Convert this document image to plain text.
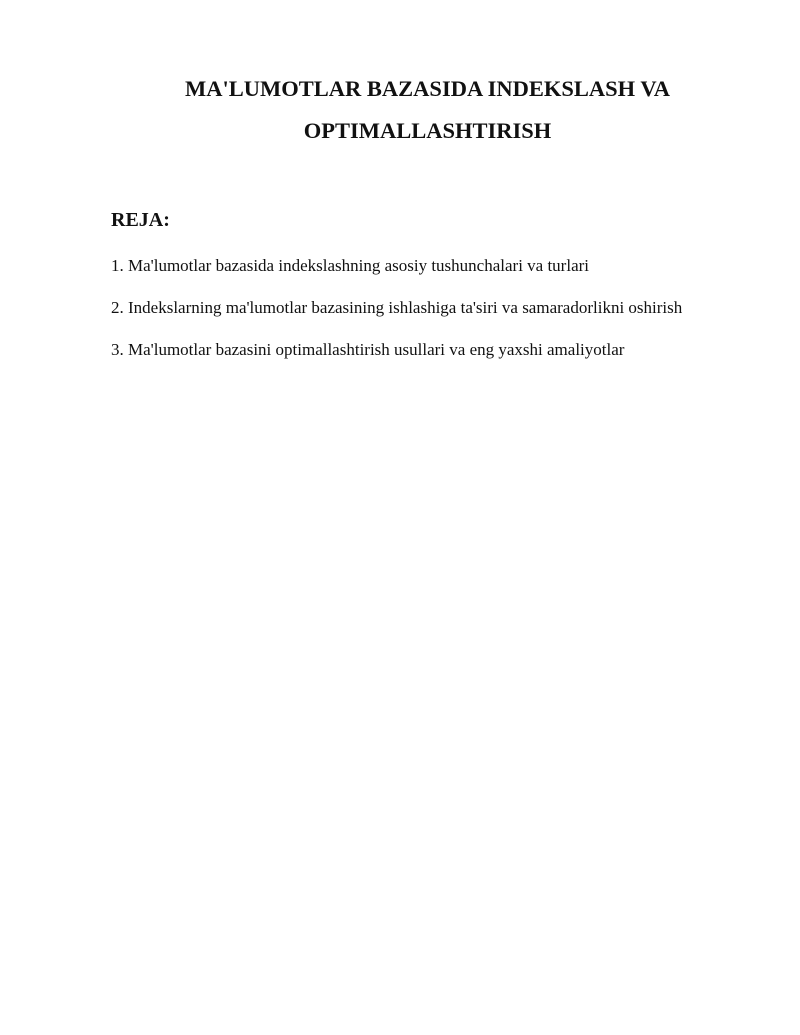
MA'LUMOTLAR BAZASIDA INDEKSLASH VA
OPTIMALLASHTIRISH
REJA:
1. Ma'lumotlar bazasida indekslashning asosiy tushunchalari va turlari
2. Indekslarning ma'lumotlar bazasining ishlashiga ta'siri va samaradorlikni oshirish
3. Ma'lumotlar bazasini optimallashtirish usullari va eng yaxshi amaliyotlar
